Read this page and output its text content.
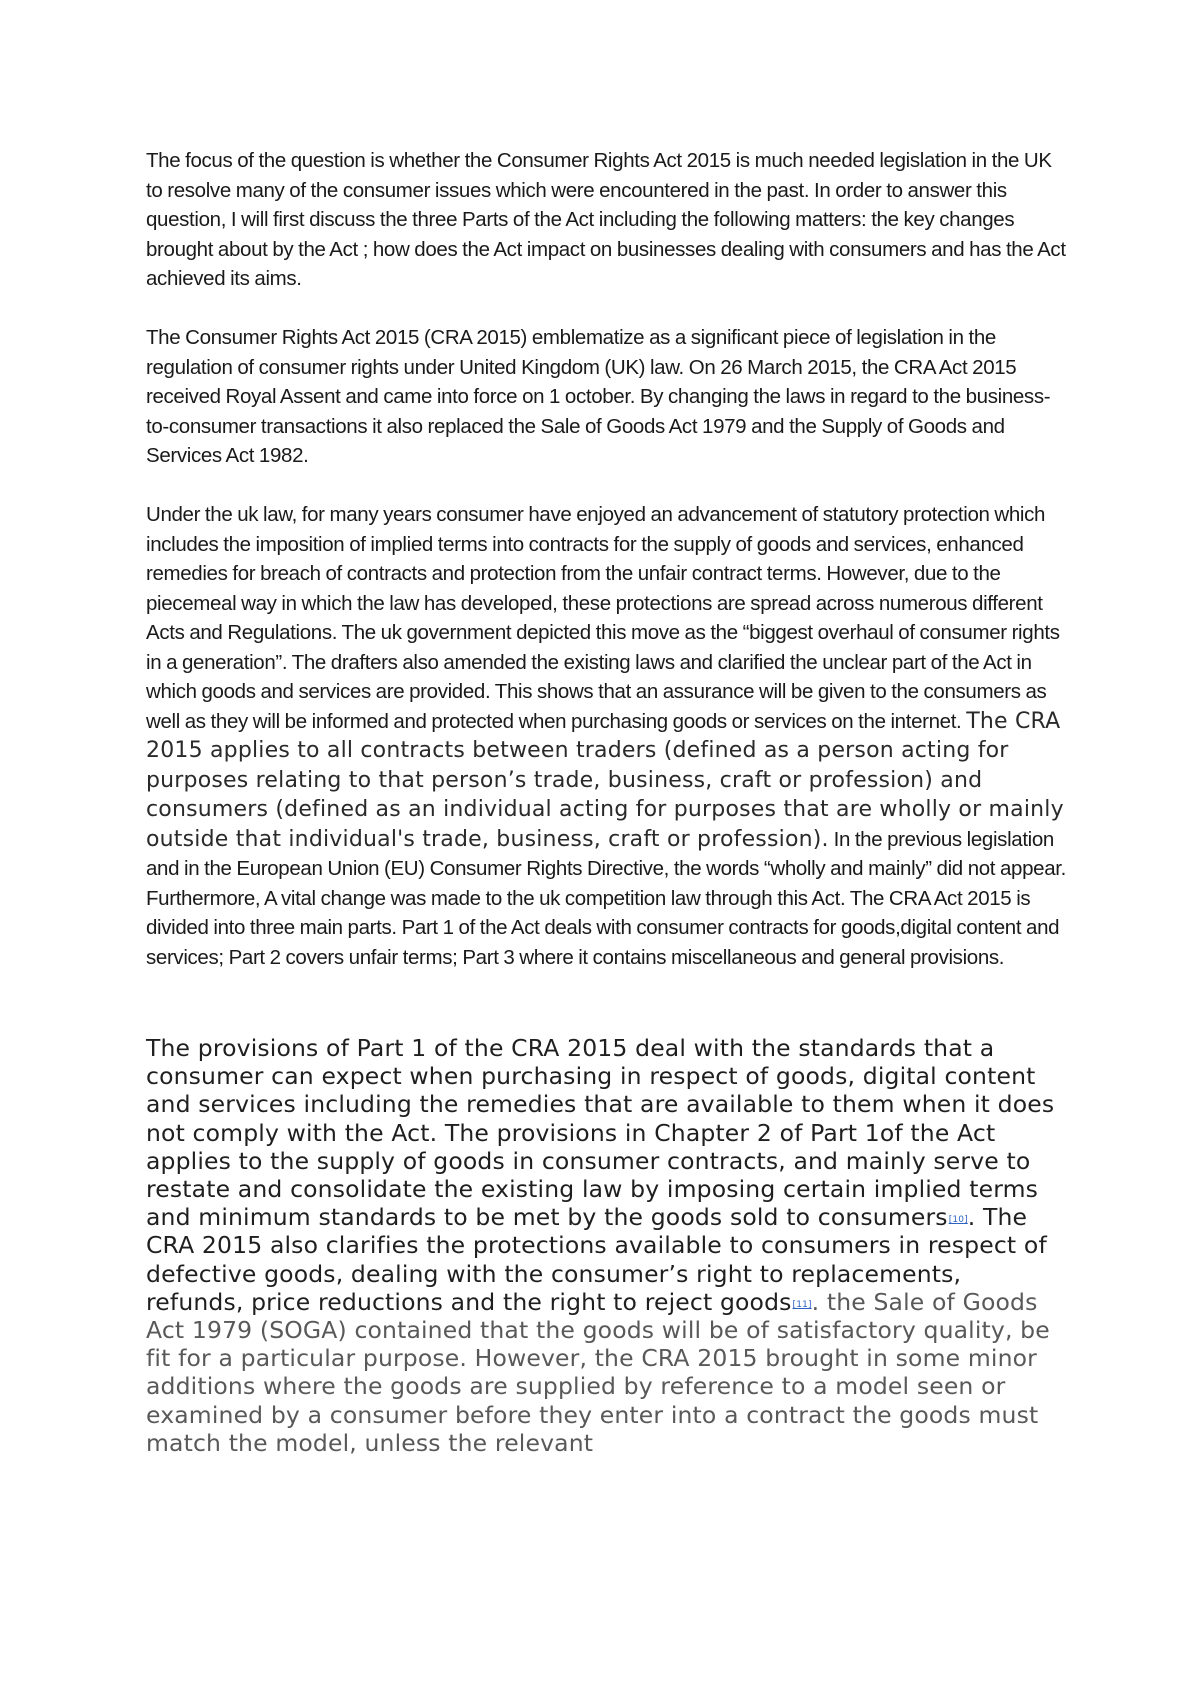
The focus of the question is whether the Consumer Rights Act 2015 is much needed legislation in the UK to resolve many of the consumer issues which were encountered in the past. In order to answer this question, I will first discuss the three Parts of the Act including the following matters: the key changes brought about by the Act ; how does the Act impact on businesses dealing with consumers and has the Act achieved its aims.

The Consumer Rights Act 2015 (CRA 2015) emblematize as a significant piece of legislation in the regulation of consumer rights under United Kingdom (UK) law. On 26 March 2015, the CRA Act 2015 received Royal Assent and came into force on 1 october. By changing the laws in regard to the business-to-consumer transactions it also replaced the Sale of Goods Act 1979 and the Supply of Goods and Services Act 1982.

Under the uk law, for many years consumer have enjoyed an advancement of statutory protection which includes the imposition of implied terms into contracts for the supply of goods and services, enhanced remedies for breach of contracts and protection from the unfair contract terms. However, due to the piecemeal way in which the law has developed, these protections are spread across numerous different Acts and Regulations. The uk government depicted this move as the “biggest overhaul of consumer rights in a generation”. The drafters also amended the existing laws and clarified the unclear part of the Act in which goods and services are provided. This shows that an assurance will be given to the consumers as well as they will be informed and protected when purchasing goods or services on the internet. The CRA 2015 applies to all contracts between traders (defined as a person acting for purposes relating to that person’s trade, business, craft or profession) and consumers (defined as an individual acting for purposes that are wholly or mainly outside that individual's trade, business, craft or profession). In the previous legislation and in the European Union (EU) Consumer Rights Directive, the words “wholly and mainly” did not appear. Furthermore, A vital change was made to the uk competition law through this Act. The CRA Act 2015 is divided into three main parts. Part 1 of the Act deals with consumer contracts for goods,digital content and services; Part 2 covers unfair terms; Part 3 where it contains miscellaneous and general provisions.

The provisions of Part 1 of the CRA 2015 deal with the standards that a consumer can expect when purchasing in respect of goods, digital content and services including the remedies that are available to them when it does not comply with the Act. The provisions in Chapter 2 of Part 1of the Act applies to the supply of goods in consumer contracts, and mainly serve to restate and consolidate the existing law by imposing certain implied terms and minimum standards to be met by the goods sold to consumers[10]. The CRA 2015 also clarifies the protections available to consumers in respect of defective goods, dealing with the consumer’s right to replacements, refunds, price reductions and the right to reject goods[11]. the Sale of Goods Act 1979 (SOGA) contained that the goods will be of satisfactory quality, be fit for a particular purpose. However, the CRA 2015 brought in some minor additions where the goods are supplied by reference to a model seen or examined by a consumer before they enter into a contract the goods must match the model, unless the relevant
